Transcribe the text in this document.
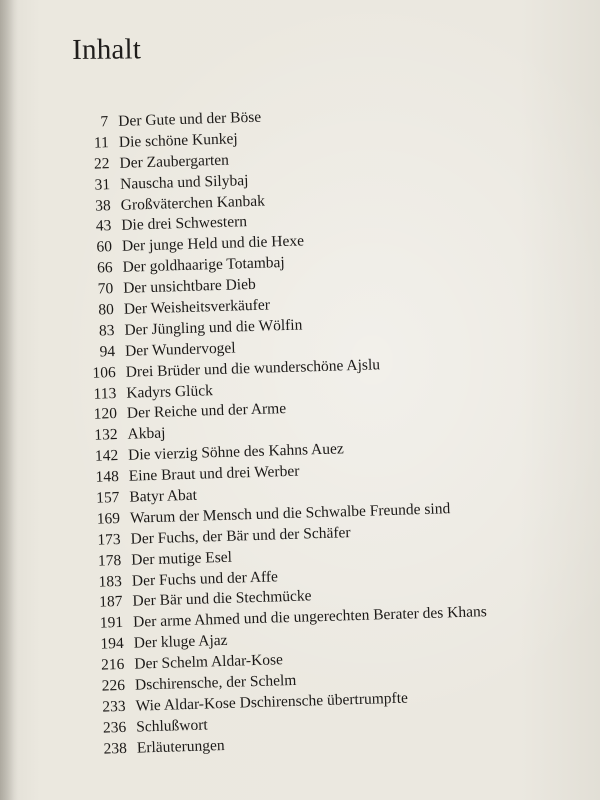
Inhalt
7 Der Gute und der Böse
11 Die schöne Kunkej
22 Der Zaubergarten
31 Nauscha und Silybaj
38 Großväterchen Kanbak
43 Die drei Schwestern
60 Der junge Held und die Hexe
66 Der goldhaarige Totambaj
70 Der unsichtbare Dieb
80 Der Weisheitsverkäufer
83 Der Jüngling und die Wölfin
94 Der Wundervogel
106 Drei Brüder und die wunderschöne Ajslu
113 Kadyrs Glück
120 Der Reiche und der Arme
132 Akbaj
142 Die vierzig Söhne des Kahns Auez
148 Eine Braut und drei Werber
157 Batyr Abat
169 Warum der Mensch und die Schwalbe Freunde sind
173 Der Fuchs, der Bär und der Schäfer
178 Der mutige Esel
183 Der Fuchs und der Affe
187 Der Bär und die Stechmücke
191 Der arme Ahmed und die ungerechten Berater des Khans
194 Der kluge Ajaz
216 Der Schelm Aldar-Kose
226 Dschirensche, der Schelm
233 Wie Aldar-Kose Dschirensche übertrumpfte
236 Schlußwort
238 Erläuterungen
